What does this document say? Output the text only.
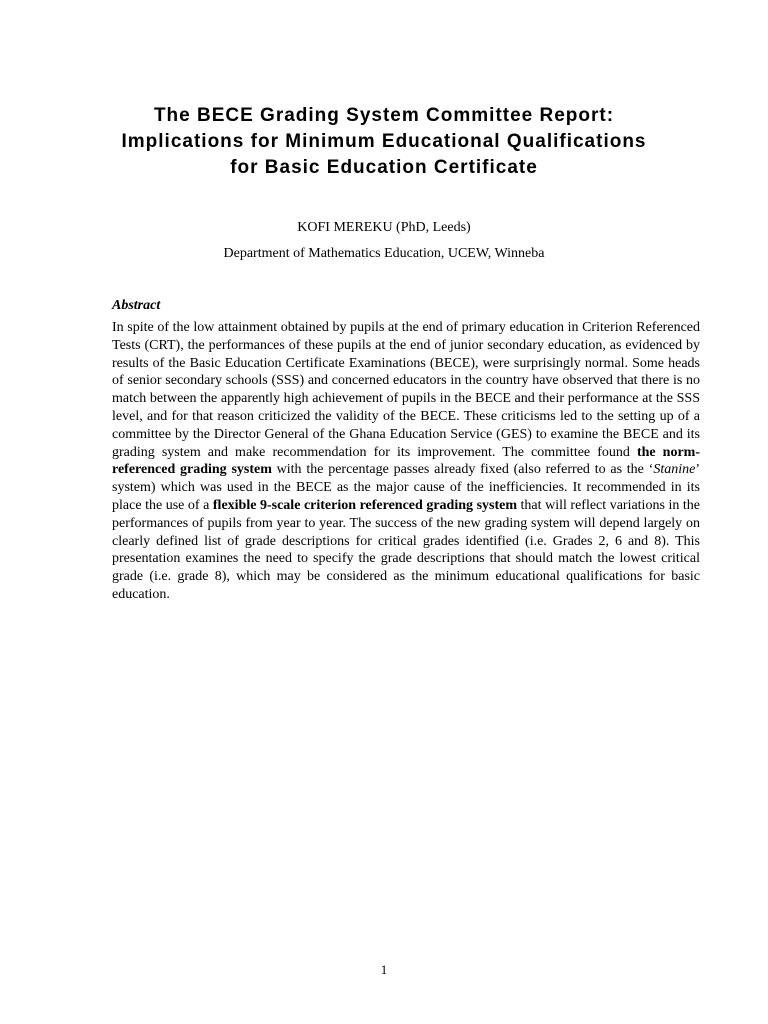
The BECE Grading System Committee Report:
Implications for Minimum Educational Qualifications
for Basic Education Certificate
KOFI MEREKU (PhD, Leeds)
Department of Mathematics Education, UCEW, Winneba
Abstract

In spite of the low attainment obtained by pupils at the end of primary education in Criterion Referenced Tests (CRT), the performances of these pupils at the end of junior secondary education, as evidenced by results of the Basic Education Certificate Examinations (BECE), were surprisingly normal. Some heads of senior secondary schools (SSS) and concerned educators in the country have observed that there is no match between the apparently high achievement of pupils in the BECE and their performance at the SSS level, and for that reason criticized the validity of the BECE. These criticisms led to the setting up of a committee by the Director General of the Ghana Education Service (GES) to examine the BECE and its grading system and make recommendation for its improvement. The committee found the norm-referenced grading system with the percentage passes already fixed (also referred to as the ‘Stanine’ system) which was used in the BECE as the major cause of the inefficiencies. It recommended in its place the use of a flexible 9-scale criterion referenced grading system that will reflect variations in the performances of pupils from year to year. The success of the new grading system will depend largely on clearly defined list of grade descriptions for critical grades identified (i.e. Grades 2, 6 and 8). This presentation examines the need to specify the grade descriptions that should match the lowest critical grade (i.e. grade 8), which may be considered as the minimum educational qualifications for basic education.

1
